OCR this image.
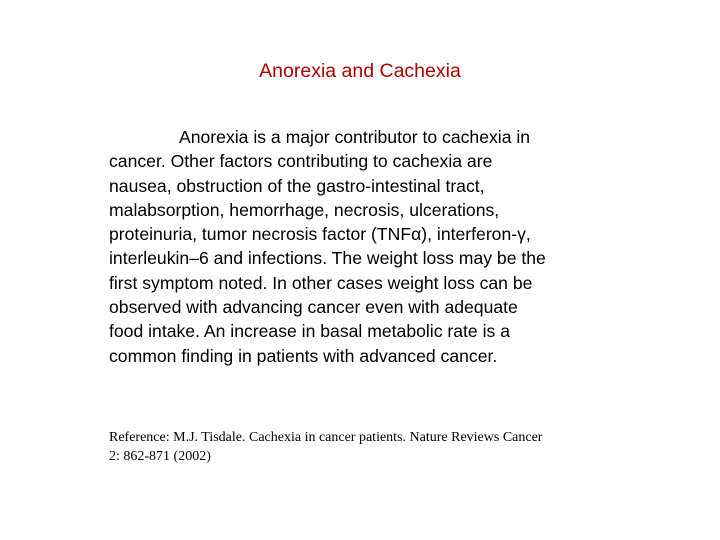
Anorexia and Cachexia
Anorexia is a major contributor to cachexia in
cancer. Other factors contributing to cachexia are
nausea, obstruction of the gastro-intestinal tract,
malabsorption, hemorrhage, necrosis, ulcerations,
proteinuria, tumor necrosis factor (TNFα), interferon-γ,
interleukin–6 and infections. The weight loss may be the
first symptom noted. In other cases weight loss can be
observed with advancing cancer even with adequate
food intake. An increase in basal metabolic rate is a
common finding in patients with advanced cancer.
Reference: M.J. Tisdale. Cachexia in cancer patients. Nature Reviews Cancer
2: 862-871 (2002)
